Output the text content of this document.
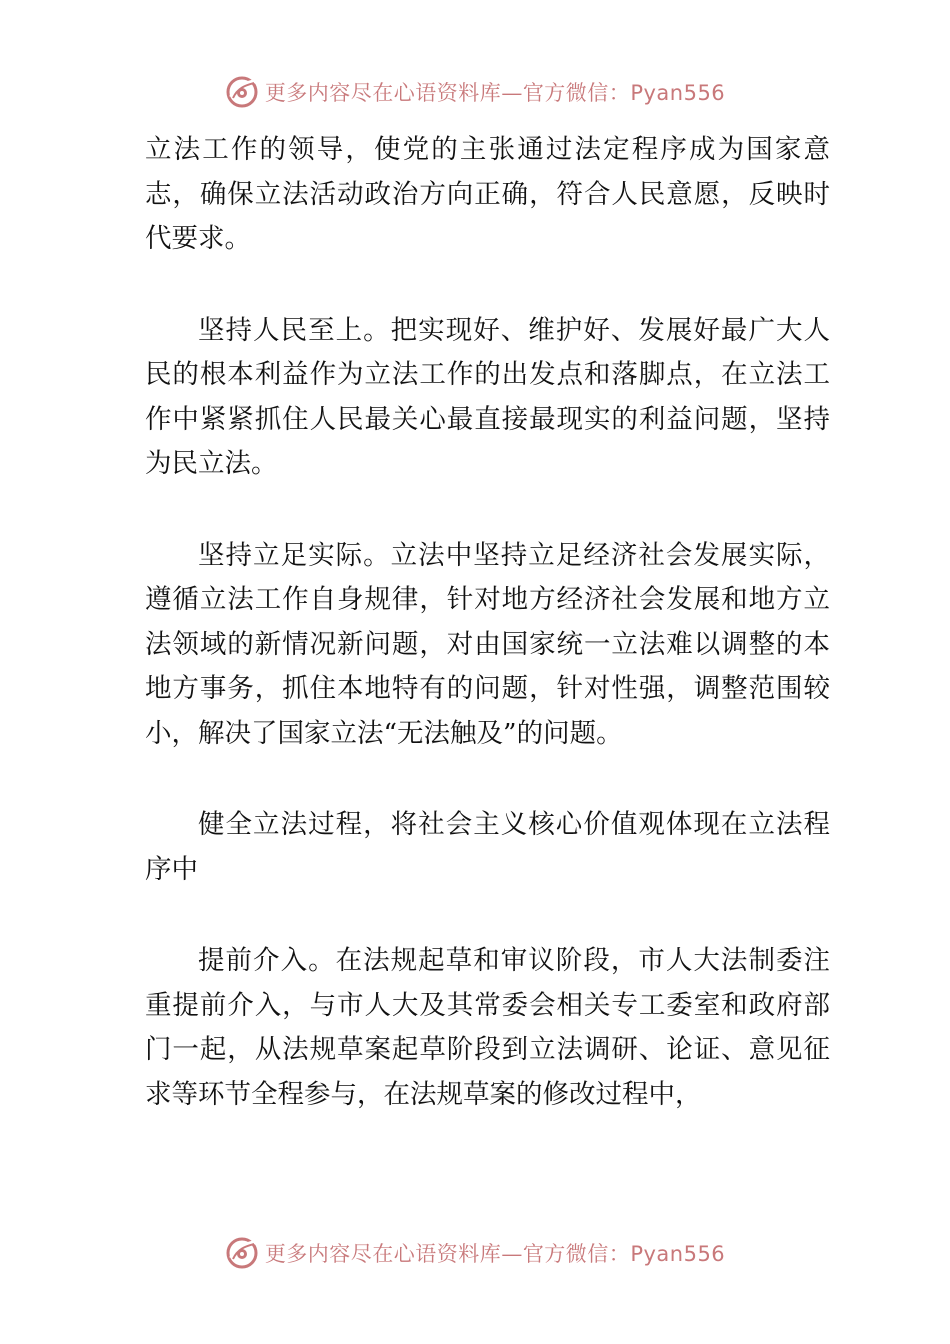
更多内容尽在心语资料库—官方微信：Pyan556

立法工作的领导，使党的主张通过法定程序成为国家意志，确保立法活动政治方向正确，符合人民意愿，反映时代要求。

坚持人民至上。把实现好、维护好、发展好最广大人民的根本利益作为立法工作的出发点和落脚点，在立法工作中紧紧抓住人民最关心最直接最现实的利益问题，坚持为民立法。

坚持立足实际。立法中坚持立足经济社会发展实际，遵循立法工作自身规律，针对地方经济社会发展和地方立法领域的新情况新问题，对由国家统一立法难以调整的本地方事务，抓住本地特有的问题，针对性强，调整范围较小，解决了国家立法“无法触及”的问题。

健全立法过程，将社会主义核心价值观体现在立法程序中

提前介入。在法规起草和审议阶段，市人大法制委注重提前介入，与市人大及其常委会相关专工委室和政府部门一起，从法规草案起草阶段到立法调研、论证、意见征求等环节全程参与，在法规草案的修改过程中，

更多内容尽在心语资料库—官方微信：Pyan556
